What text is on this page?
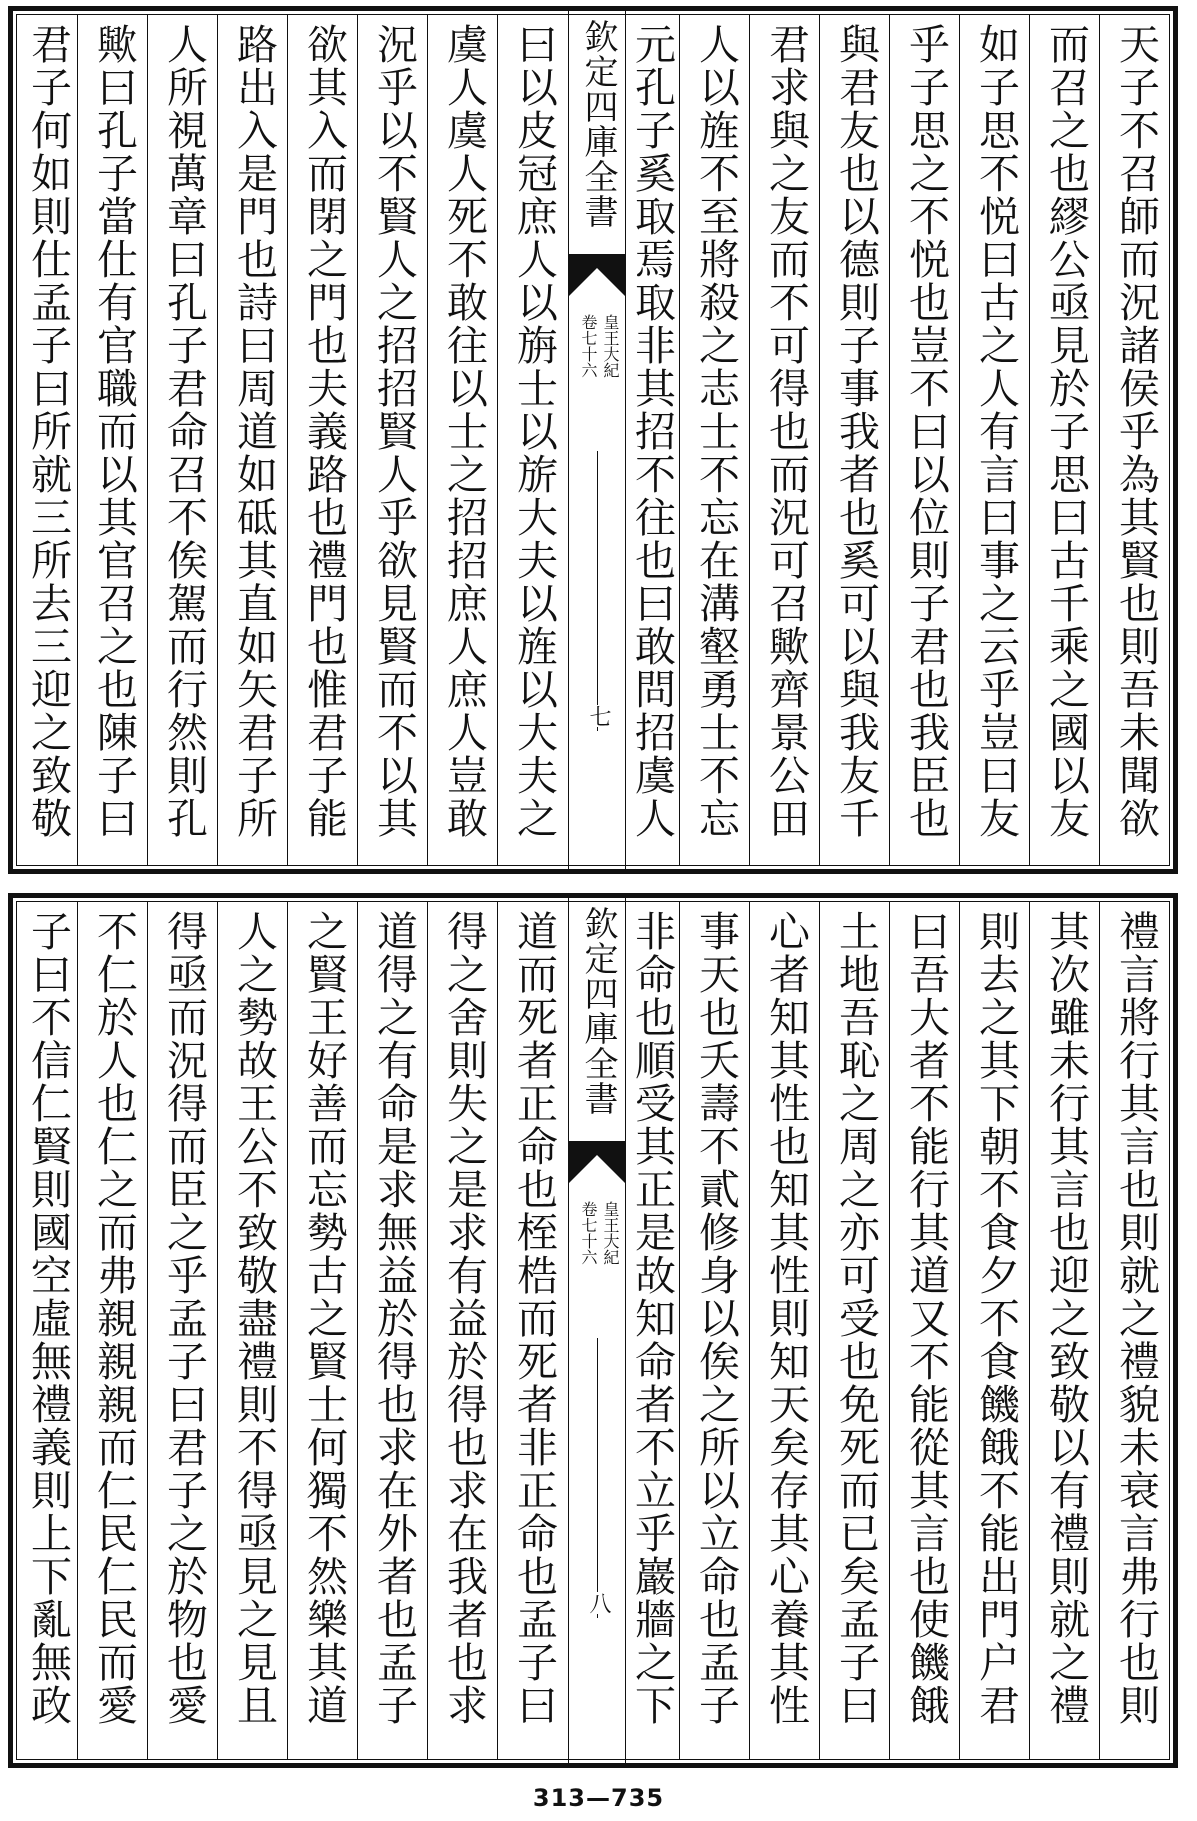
天子不召師而況諸侯乎為其賢也則吾未聞欲
而召之也繆公亟見於子思曰古千乘之國以友
如子思不悦曰古之人有言曰事之云乎豈曰友
乎子思之不悦也豈不曰以位則子君也我臣也
與君友也以德則子事我者也奚可以與我友千
君求與之友而不可得也而況可召歟齊景公田
人以旌不至將殺之志士不忘在溝壑勇士不忘
元孔子奚取焉取非其招不往也曰敢問招虞人
欽定四庫全書
皇王大紀
卷七十六
七
曰以皮冠庶人以旃士以旂大夫以旌以大夫之
虞人虞人死不敢往以士之招招庶人庶人豈敢
況乎以不賢人之招招賢人乎欲見賢而不以其
欲其入而閉之門也夫義路也禮門也惟君子能
路出入是門也詩曰周道如砥其直如矢君子所
人所視萬章曰孔子君命召不俟駕而行然則孔
歟曰孔子當仕有官職而以其官召之也陳子曰
君子何如則仕孟子曰所就三所去三迎之致敬
禮言將行其言也則就之禮貌未衰言弗行也則
其次雖未行其言也迎之致敬以有禮則就之禮
則去之其下朝不食夕不食饑餓不能出門户君
曰吾大者不能行其道又不能從其言也使饑餓
土地吾恥之周之亦可受也免死而已矣孟子曰
心者知其性也知其性則知天矣存其心養其性
事天也夭壽不貳修身以俟之所以立命也孟子
非命也順受其正是故知命者不立乎巖牆之下
欽定四庫全書
皇王大紀
卷七十六
八
道而死者正命也桎梏而死者非正命也孟子曰
得之舍則失之是求有益於得也求在我者也求
道得之有命是求無益於得也求在外者也孟子
之賢王好善而忘勢古之賢士何獨不然樂其道
人之勢故王公不致敬盡禮則不得亟見之見且
得亟而況得而臣之乎孟子曰君子之於物也愛
不仁於人也仁之而弗親親親而仁民仁民而愛
子曰不信仁賢則國空虛無禮義則上下亂無政
313—735
